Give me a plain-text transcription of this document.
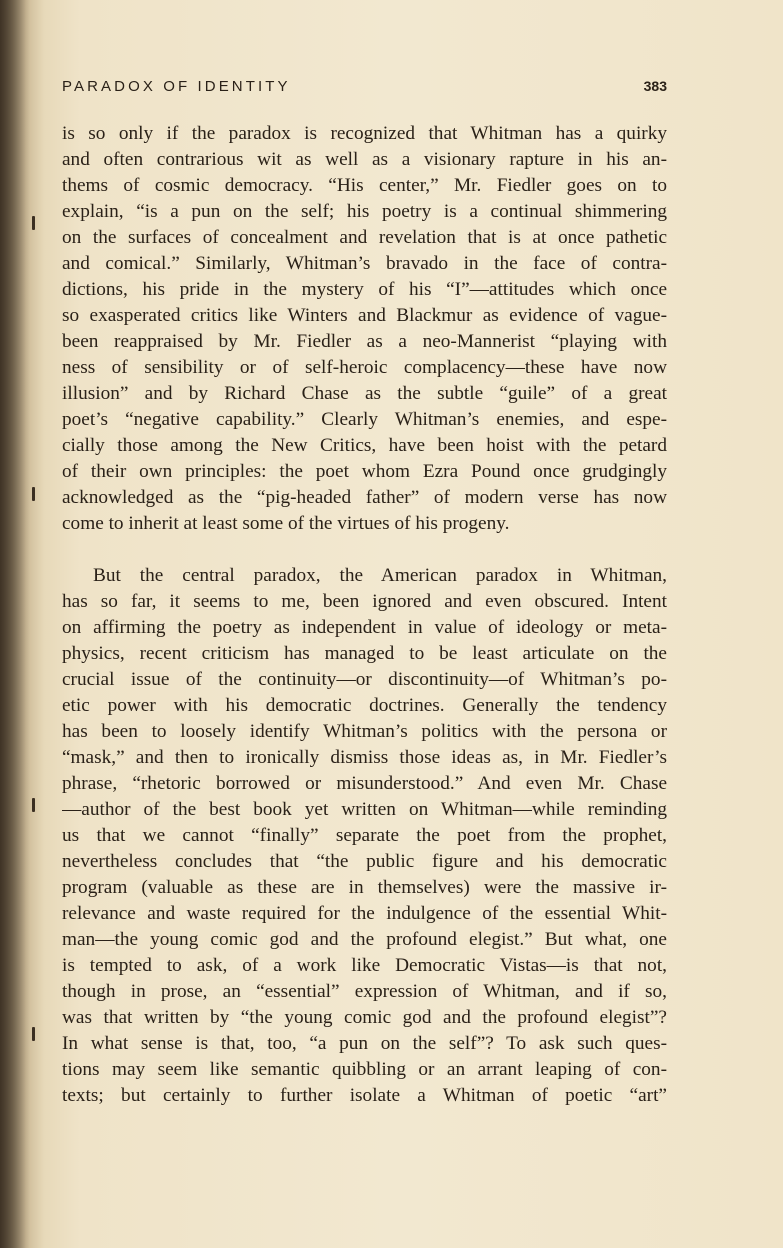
PARADOX OF IDENTITY	383
is so only if the paradox is recognized that Whitman has a quirky
and often contrarious wit as well as a visionary rapture in his an-
thems of cosmic democracy. “His center,” Mr. Fiedler goes on to
explain, “is a pun on the self; his poetry is a continual shimmering
on the surfaces of concealment and revelation that is at once pathetic
and comical.” Similarly, Whitman’s bravado in the face of contra-
dictions, his pride in the mystery of his “I”—attitudes which once
so exasperated critics like Winters and Blackmur as evidence of vague-
been reappraised by Mr. Fiedler as a neo-Mannerist “playing with
ness of sensibility or of self-heroic complacency—these have now
illusion” and by Richard Chase as the subtle “guile” of a great
poet’s “negative capability.” Clearly Whitman’s enemies, and espe-
cially those among the New Critics, have been hoist with the petard
of their own principles: the poet whom Ezra Pound once grudgingly
acknowledged as the “pig-headed father” of modern verse has now
come to inherit at least some of the virtues of his progeny.
But the central paradox, the American paradox in Whitman,
has so far, it seems to me, been ignored and even obscured. Intent
on affirming the poetry as independent in value of ideology or meta-
physics, recent criticism has managed to be least articulate on the
crucial issue of the continuity—or discontinuity—of Whitman’s po-
etic power with his democratic doctrines. Generally the tendency
has been to loosely identify Whitman’s politics with the persona or
“mask,” and then to ironically dismiss those ideas as, in Mr. Fiedler’s
phrase, “rhetoric borrowed or misunderstood.” And even Mr. Chase
—author of the best book yet written on Whitman—while reminding
us that we cannot “finally” separate the poet from the prophet,
nevertheless concludes that “the public figure and his democratic
program (valuable as these are in themselves) were the massive ir-
relevance and waste required for the indulgence of the essential Whit-
man—the young comic god and the profound elegist.” But what, one
is tempted to ask, of a work like Democratic Vistas—is that not,
though in prose, an “essential” expression of Whitman, and if so,
was that written by “the young comic god and the profound elegist”?
In what sense is that, too, “a pun on the self”? To ask such ques-
tions may seem like semantic quibbling or an arrant leaping of con-
texts; but certainly to further isolate a Whitman of poetic “art”
